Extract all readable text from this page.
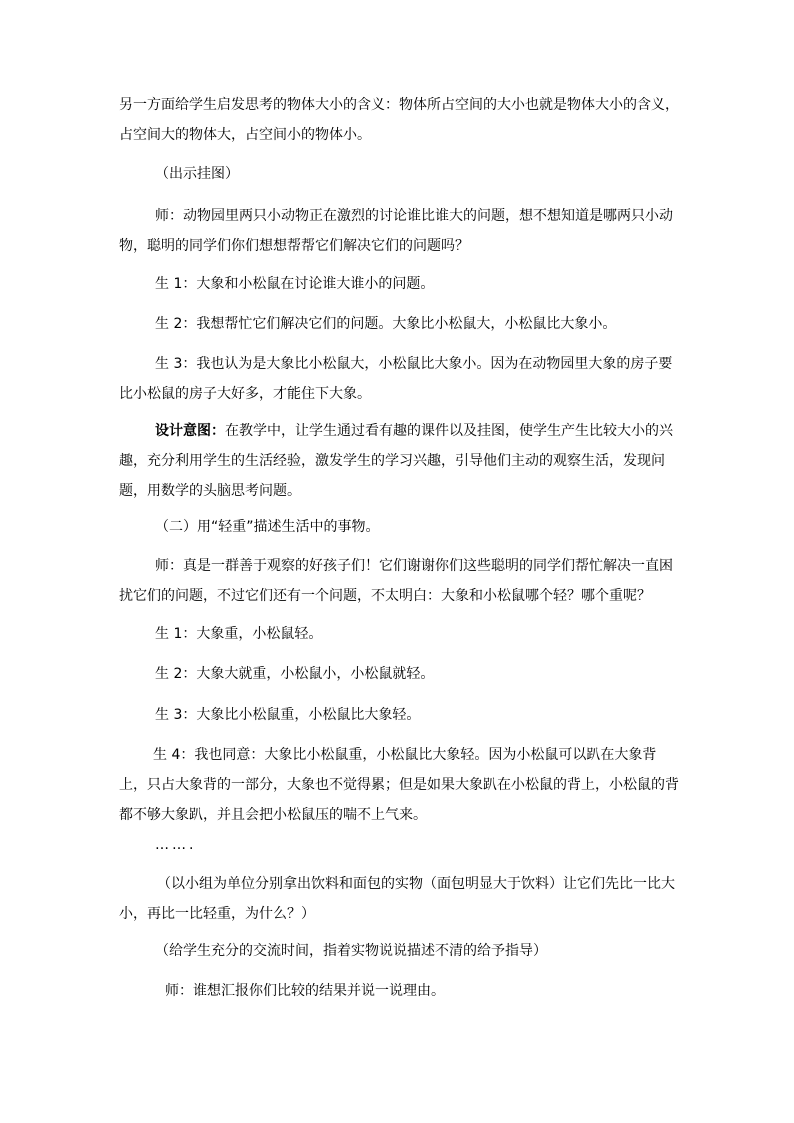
另一方面给学生启发思考的物体大小的含义：物体所占空间的大小也就是物体大小的含义，占空间大的物体大，占空间小的物体小。

（出示挂图）

师：动物园里两只小动物正在激烈的讨论谁比谁大的问题，想不想知道是哪两只小动物，聪明的同学们你们想想帮帮它们解决它们的问题吗？

生 1：大象和小松鼠在讨论谁大谁小的问题。

生 2：我想帮忙它们解决它们的问题。大象比小松鼠大，小松鼠比大象小。

生 3：我也认为是大象比小松鼠大，小松鼠比大象小。因为在动物园里大象的房子要比小松鼠的房子大好多，才能住下大象。

设计意图：在教学中，让学生通过看有趣的课件以及挂图，使学生产生比较大小的兴趣，充分利用学生的生活经验，激发学生的学习兴趣，引导他们主动的观察生活，发现问题，用数学的头脑思考问题。

（二）用“轻重”描述生活中的事物。

师：真是一群善于观察的好孩子们！它们谢谢你们这些聪明的同学们帮忙解决一直困扰它们的问题，不过它们还有一个问题，不太明白：大象和小松鼠哪个轻？哪个重呢？

生 1：大象重，小松鼠轻。

生 2：大象大就重，小松鼠小，小松鼠就轻。

生 3：大象比小松鼠重，小松鼠比大象轻。

生 4：我也同意：大象比小松鼠重，小松鼠比大象轻。因为小松鼠可以趴在大象背上，只占大象背的一部分，大象也不觉得累；但是如果大象趴在小松鼠的背上，小松鼠的背都不够大象趴，并且会把小松鼠压的喘不上气来。

…….

（以小组为单位分别拿出饮料和面包的实物（面包明显大于饮料）让它们先比一比大小，再比一比轻重，为什么？）

（给学生充分的交流时间，指着实物说说描述不清的给予指导）

师：谁想汇报你们比较的结果并说一说理由。
